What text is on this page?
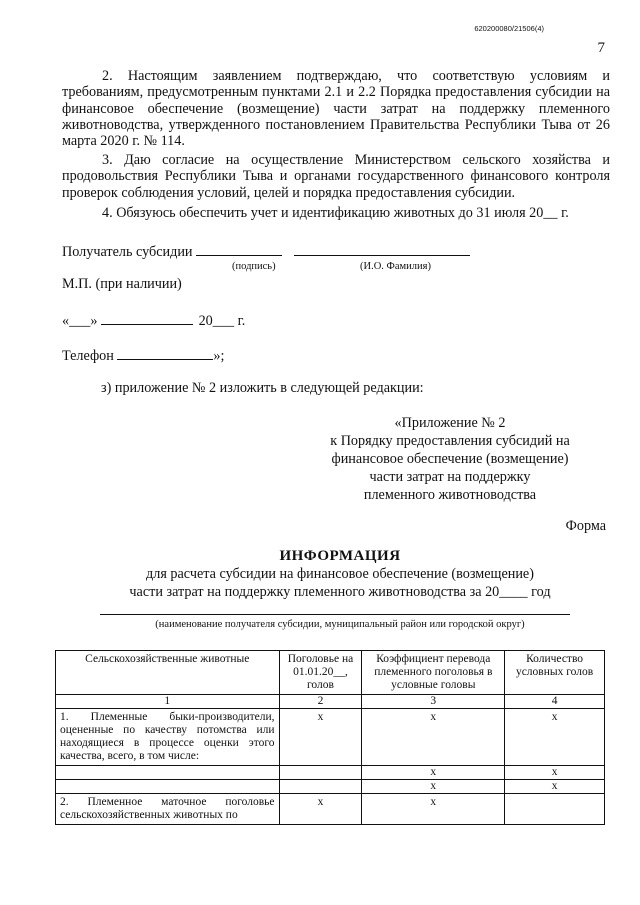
620200080/21506(4)
7
2. Настоящим заявлением подтверждаю, что соответствую условиям и требованиям, предусмотренным пунктами 2.1 и 2.2 Порядка предоставления субсидии на финансовое обеспечение (возмещение) части затрат на поддержку племенного животноводства, утвержденного постановлением Правительства Республики Тыва от 26 марта 2020 г. № 114.
3. Даю согласие на осуществление Министерством сельского хозяйства и продовольствия Республики Тыва и органами государственного финансового контроля проверок соблюдения условий, целей и порядка предоставления субсидии.
4. Обязуюсь обеспечить учет и идентификацию животных до 31 июля 20__ г.
Получатель субсидии
(подпись)	(И.О. Фамилия)
М.П. (при наличии)
«___»	20___ г.
Телефон	»;
з) приложение № 2 изложить в следующей редакции:
«Приложение № 2
к Порядку предоставления субсидий на
финансовое обеспечение (возмещение)
части затрат на поддержку
племенного животноводства
Форма
ИНФОРМАЦИЯ
для расчета субсидии на финансовое обеспечение (возмещение)
части затрат на поддержку племенного животноводства за 20____ год
(наименование получателя субсидии, муниципальный район или городской округ)
Сельскохозяйственные животные	Поголовье на 01.01.20__, голов	Коэффициент перевода племенного поголовья в условные головы	Количество условных голов
1	2	3	4
1. Племенные быки-производители, оцененные по качеству потомства или находящиеся в процессе оценки этого качества, всего, в том числе:	х	х	х
		х	х
		х	х
2. Племенное маточное поголовье сельскохозяйственных животных по	х	х	
